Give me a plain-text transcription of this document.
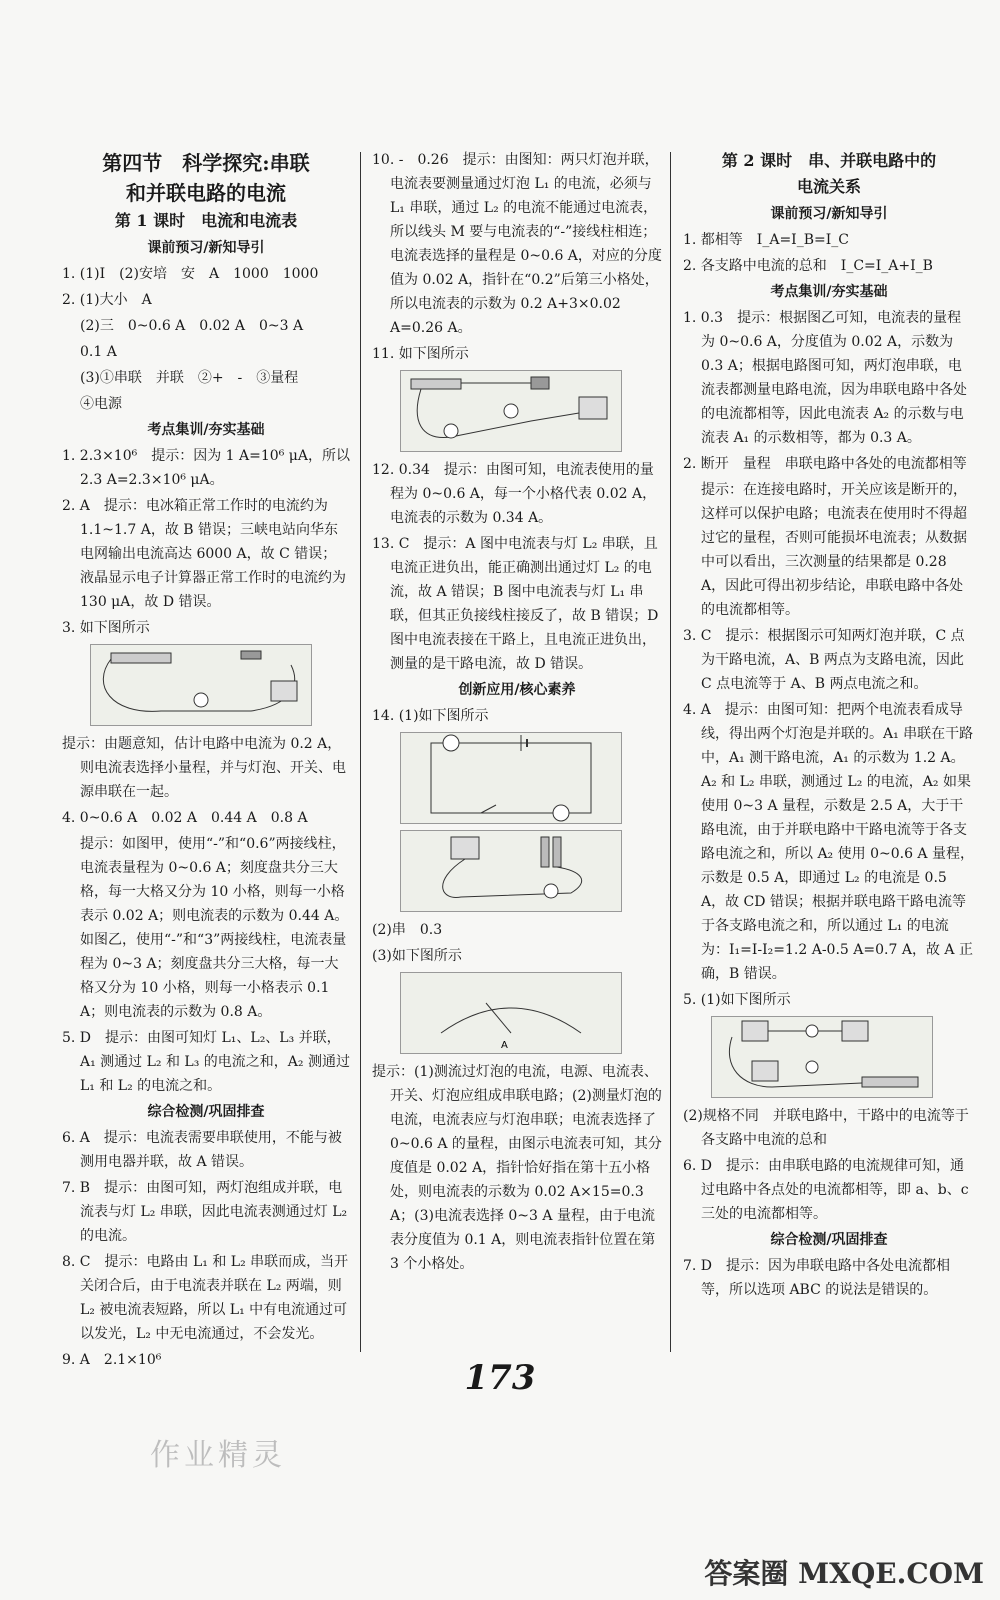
第四节　科学探究:串联
和并联电路的电流
第 1 课时　电流和电流表
课前预习/新知导引
1. (1)I　(2)安培　安　A　1000　1000
2. (1)大小　A
(2)三　0~0.6 A　0.02 A　0~3 A
0.1 A
(3)①串联　并联　②+　-　③量程
④电源
考点集训/夯实基础
1. 2.3×10⁶　提示：因为 1 A=10⁶ μA，所以 2.3 A=2.3×10⁶ μA。
2. A　提示：电冰箱正常工作时的电流约为 1.1~1.7 A，故 B 错误；三峡电站向华东电网输出电流高达 6000 A，故 C 错误；液晶显示电子计算器正常工作时的电流约为 130 μA，故 D 错误。
3. 如下图所示
提示：由题意知，估计电路中电流为 0.2 A，则电流表选择小量程，并与灯泡、开关、电源串联在一起。
4. 0~0.6 A　0.02 A　0.44 A　0.8 A
提示：如图甲，使用“-”和“0.6”两接线柱，电流表量程为 0~0.6 A；刻度盘共分三大格，每一大格又分为 10 小格，则每一小格表示 0.02 A；则电流表的示数为 0.44 A。如图乙，使用“-”和“3”两接线柱，电流表量程为 0~3 A；刻度盘共分三大格，每一大格又分为 10 小格，则每一小格表示 0.1 A；则电流表的示数为 0.8 A。
5. D　提示：由图可知灯 L₁、L₂、L₃ 并联，A₁ 测通过 L₂ 和 L₃ 的电流之和，A₂ 测通过 L₁ 和 L₂ 的电流之和。
综合检测/巩固排查
6. A　提示：电流表需要串联使用，不能与被测用电器并联，故 A 错误。
7. B　提示：由图可知，两灯泡组成并联，电流表与灯 L₂ 串联，因此电流表测通过灯 L₂ 的电流。
8. C　提示：电路由 L₁ 和 L₂ 串联而成，当开关闭合后，由于电流表并联在 L₂ 两端，则 L₂ 被电流表短路，所以 L₁ 中有电流通过可以发光，L₂ 中无电流通过，不会发光。
9. A　2.1×10⁶
10. -　0.26　提示：由图知：两只灯泡并联，电流表要测量通过灯泡 L₁ 的电流，必须与 L₁ 串联，通过 L₂ 的电流不能通过电流表，所以线头 M 要与电流表的“-”接线柱相连；电流表选择的量程是 0~0.6 A，对应的分度值为 0.02 A，指针在“0.2”后第三小格处，所以电流表的示数为 0.2 A+3×0.02 A=0.26 A。
11. 如下图所示
12. 0.34　提示：由图可知，电流表使用的量程为 0~0.6 A，每一个小格代表 0.02 A，电流表的示数为 0.34 A。
13. C　提示：A 图中电流表与灯 L₂ 串联，且电流正进负出，能正确测出通过灯 L₂ 的电流，故 A 错误；B 图中电流表与灯 L₁ 串联，但其正负接线柱接反了，故 B 错误；D 图中电流表接在干路上，且电流正进负出，测量的是干路电流，故 D 错误。
创新应用/核心素养
14. (1)如下图所示
(2)串　0.3
(3)如下图所示
A
提示：(1)测流过灯泡的电流，电源、电流表、开关、灯泡应组成串联电路；(2)测量灯泡的电流，电流表应与灯泡串联；电流表选择了 0~0.6 A 的量程，由图示电流表可知，其分度值是 0.02 A，指针恰好指在第十五小格处，则电流表的示数为 0.02 A×15=0.3 A；(3)电流表选择 0~3 A 量程，由于电流表分度值为 0.1 A，则电流表指针位置在第 3 个小格处。
第 2 课时　串、并联电路中的
电流关系
课前预习/新知导引
1. 都相等　I_A=I_B=I_C
2. 各支路中电流的总和　I_C=I_A+I_B
考点集训/夯实基础
1. 0.3　提示：根据图乙可知，电流表的量程为 0~0.6 A，分度值为 0.02 A，示数为 0.3 A；根据电路图可知，两灯泡串联，电流表都测量电路电流，因为串联电路中各处的电流都相等，因此电流表 A₂ 的示数与电流表 A₁ 的示数相等，都为 0.3 A。
2. 断开　量程　串联电路中各处的电流都相等
提示：在连接电路时，开关应该是断开的，这样可以保护电路；电流表在使用时不得超过它的量程，否则可能损坏电流表；从数据中可以看出，三次测量的结果都是 0.28 A，因此可得出初步结论，串联电路中各处的电流都相等。
3. C　提示：根据图示可知两灯泡并联，C 点为干路电流，A、B 两点为支路电流，因此 C 点电流等于 A、B 两点电流之和。
4. A　提示：由图可知：把两个电流表看成导线，得出两个灯泡是并联的。A₁ 串联在干路中，A₁ 测干路电流，A₁ 的示数为 1.2 A。A₂ 和 L₂ 串联，测通过 L₂ 的电流，A₂ 如果使用 0~3 A 量程，示数是 2.5 A，大于干路电流，由于并联电路中干路电流等于各支路电流之和，所以 A₂ 使用 0~0.6 A 量程，示数是 0.5 A，即通过 L₂ 的电流是 0.5 A，故 CD 错误；根据并联电路干路电流等于各支路电流之和，所以通过 L₁ 的电流为：I₁=I-I₂=1.2 A-0.5 A=0.7 A，故 A 正确，B 错误。
5. (1)如下图所示
(2)规格不同　并联电路中，干路中的电流等于各支路中电流的总和
6. D　提示：由串联电路的电流规律可知，通过电路中各点处的电流都相等，即 a、b、c 三处的电流都相等。
综合检测/巩固排查
7. D　提示：因为串联电路中各处电流都相等，所以选项 ABC 的说法是错误的。
173
作业精灵
答案圈 MXQE.COM
